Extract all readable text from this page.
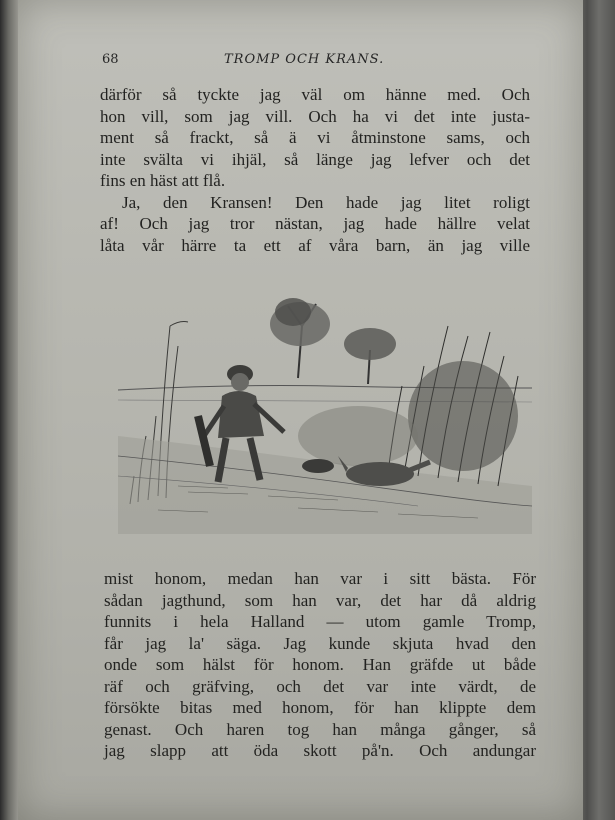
68	TROMP OCH KRANS.
därför så tyckte jag väl om hänne med. Och
hon vill, som jag vill. Och ha vi det inte justa-
ment så frackt, så ä vi åtminstone sams, och
inte svälta vi ihjäl, så länge jag lefver och det
fins en häst att flå.
Ja, den Kransen! Den hade jag litet roligt
af! Och jag tror nästan, jag hade hällre velat
låta vår härre ta ett af våra barn, än jag ville
mist honom, medan han var i sitt bästa. För
sådan jagthund, som han var, det har då aldrig
funnits i hela Halland — utom gamle Tromp,
får jag la' säga. Jag kunde skjuta hvad den
onde som hälst för honom. Han gräfde ut både
räf och gräfving, och det var inte värdt, de
försökte bitas med honom, för han klippte dem
genast. Och haren tog han många gånger, så
jag slapp att öda skott på'n. Och andungar
